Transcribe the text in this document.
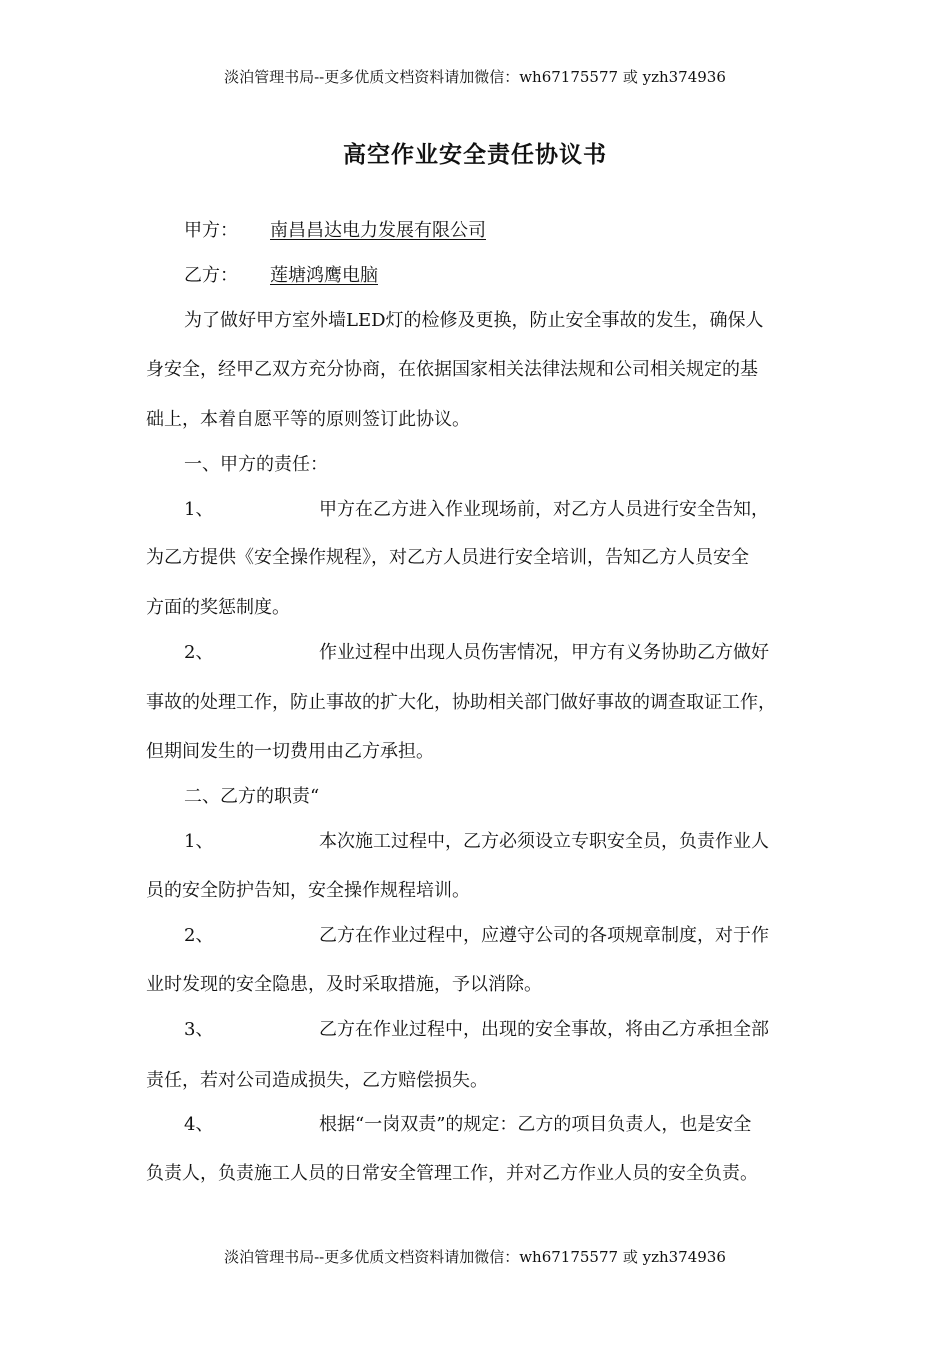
淡泊管理书局--更多优质文档资料请加微信：wh67175577 或 yzh374936
高空作业安全责任协议书
甲方： 南昌昌达电力发展有限公司
乙方： 莲塘鸿鹰电脑
为了做好甲方室外墙LED灯的检修及更换，防止安全事故的发生，确保人
身安全，经甲乙双方充分协商，在依据国家相关法律法规和公司相关规定的基
础上，本着自愿平等的原则签订此协议。
一、甲方的责任：
1、	甲方在乙方进入作业现场前，对乙方人员进行安全告知，
为乙方提供《安全操作规程》，对乙方人员进行安全培训，告知乙方人员安全
方面的奖惩制度。
2、	作业过程中出现人员伤害情况，甲方有义务协助乙方做好
事故的处理工作，防止事故的扩大化，协助相关部门做好事故的调查取证工作，
但期间发生的一切费用由乙方承担。
二、乙方的职责“
1、	本次施工过程中，乙方必须设立专职安全员，负责作业人
员的安全防护告知，安全操作规程培训。
2、	乙方在作业过程中，应遵守公司的各项规章制度，对于作
业时发现的安全隐患，及时采取措施，予以消除。
3、	乙方在作业过程中，出现的安全事故，将由乙方承担全部
责任，若对公司造成损失，乙方赔偿损失。
4、	根据“一岗双责”的规定：乙方的项目负责人，也是安全
负责人，负责施工人员的日常安全管理工作，并对乙方作业人员的安全负责。
淡泊管理书局--更多优质文档资料请加微信：wh67175577 或 yzh374936
